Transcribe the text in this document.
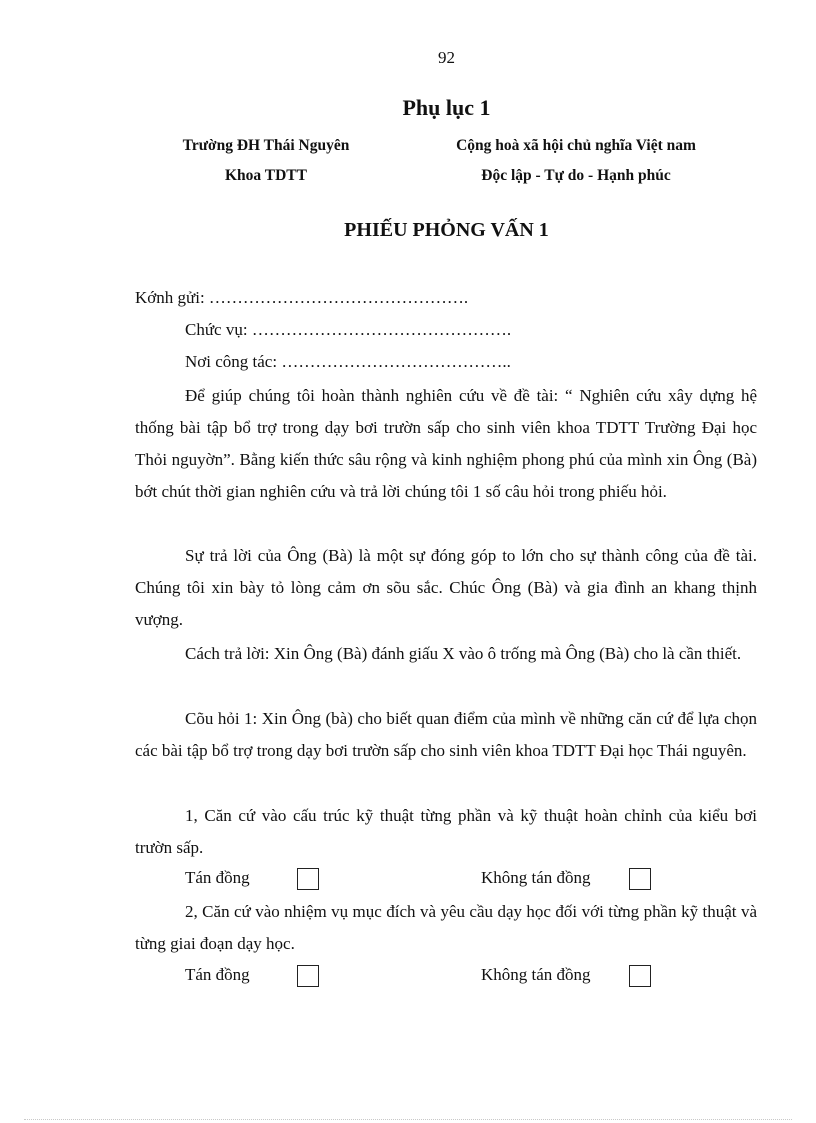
92
Phụ lục 1
Trường ĐH Thái Nguyên	Cộng hoà xã hội chủ nghĩa Việt nam
Khoa TDTT	Độc lập - Tự do - Hạnh phúc
PHIẾU PHỎNG VẤN 1
Kớnh gửi: ……………………………………….
Chức vụ: ……………………………………….
Nơi công tác: …………………………………..

Để giúp chúng tôi hoàn thành nghiên cứu về đề tài: “ Nghiên cứu xây dựng hệ thống bài tập bổ trợ trong dạy bơi trườn sấp cho sinh viên khoa TDTT Trường Đại học Thỏi nguyờn”. Bằng kiến thức sâu rộng và kinh nghiệm phong phú của mình xin Ông (Bà) bớt chút thời gian nghiên cứu và trả lời chúng tôi 1 số câu hỏi trong phiếu hỏi.

Sự trả lời của Ông (Bà) là một sự đóng góp to lớn cho sự thành công của đề tài. Chúng tôi xin bày tỏ lòng cảm ơn sõu sắc. Chúc Ông (Bà) và gia đình an khang thịnh vượng.

Cách trả lời: Xin Ông (Bà) đánh giấu X vào ô trống mà Ông (Bà) cho là cần thiết.

Cõu hỏi 1: Xin Ông (bà) cho biết quan điểm của mình về những căn cứ để lựa chọn các bài tập bổ trợ trong dạy bơi trườn sấp cho sinh viên khoa TDTT Đại học Thái nguyên.

1, Căn cứ vào cấu trúc kỹ thuật từng phần và kỹ thuật hoàn chỉnh của kiểu bơi trườn sấp.

Tán đồng	Không tán đồng

2, Căn cứ vào nhiệm vụ mục đích và yêu cầu dạy học đối với từng phần kỹ thuật và từng giai đoạn dạy học.

Tán đồng	Không tán đồng
